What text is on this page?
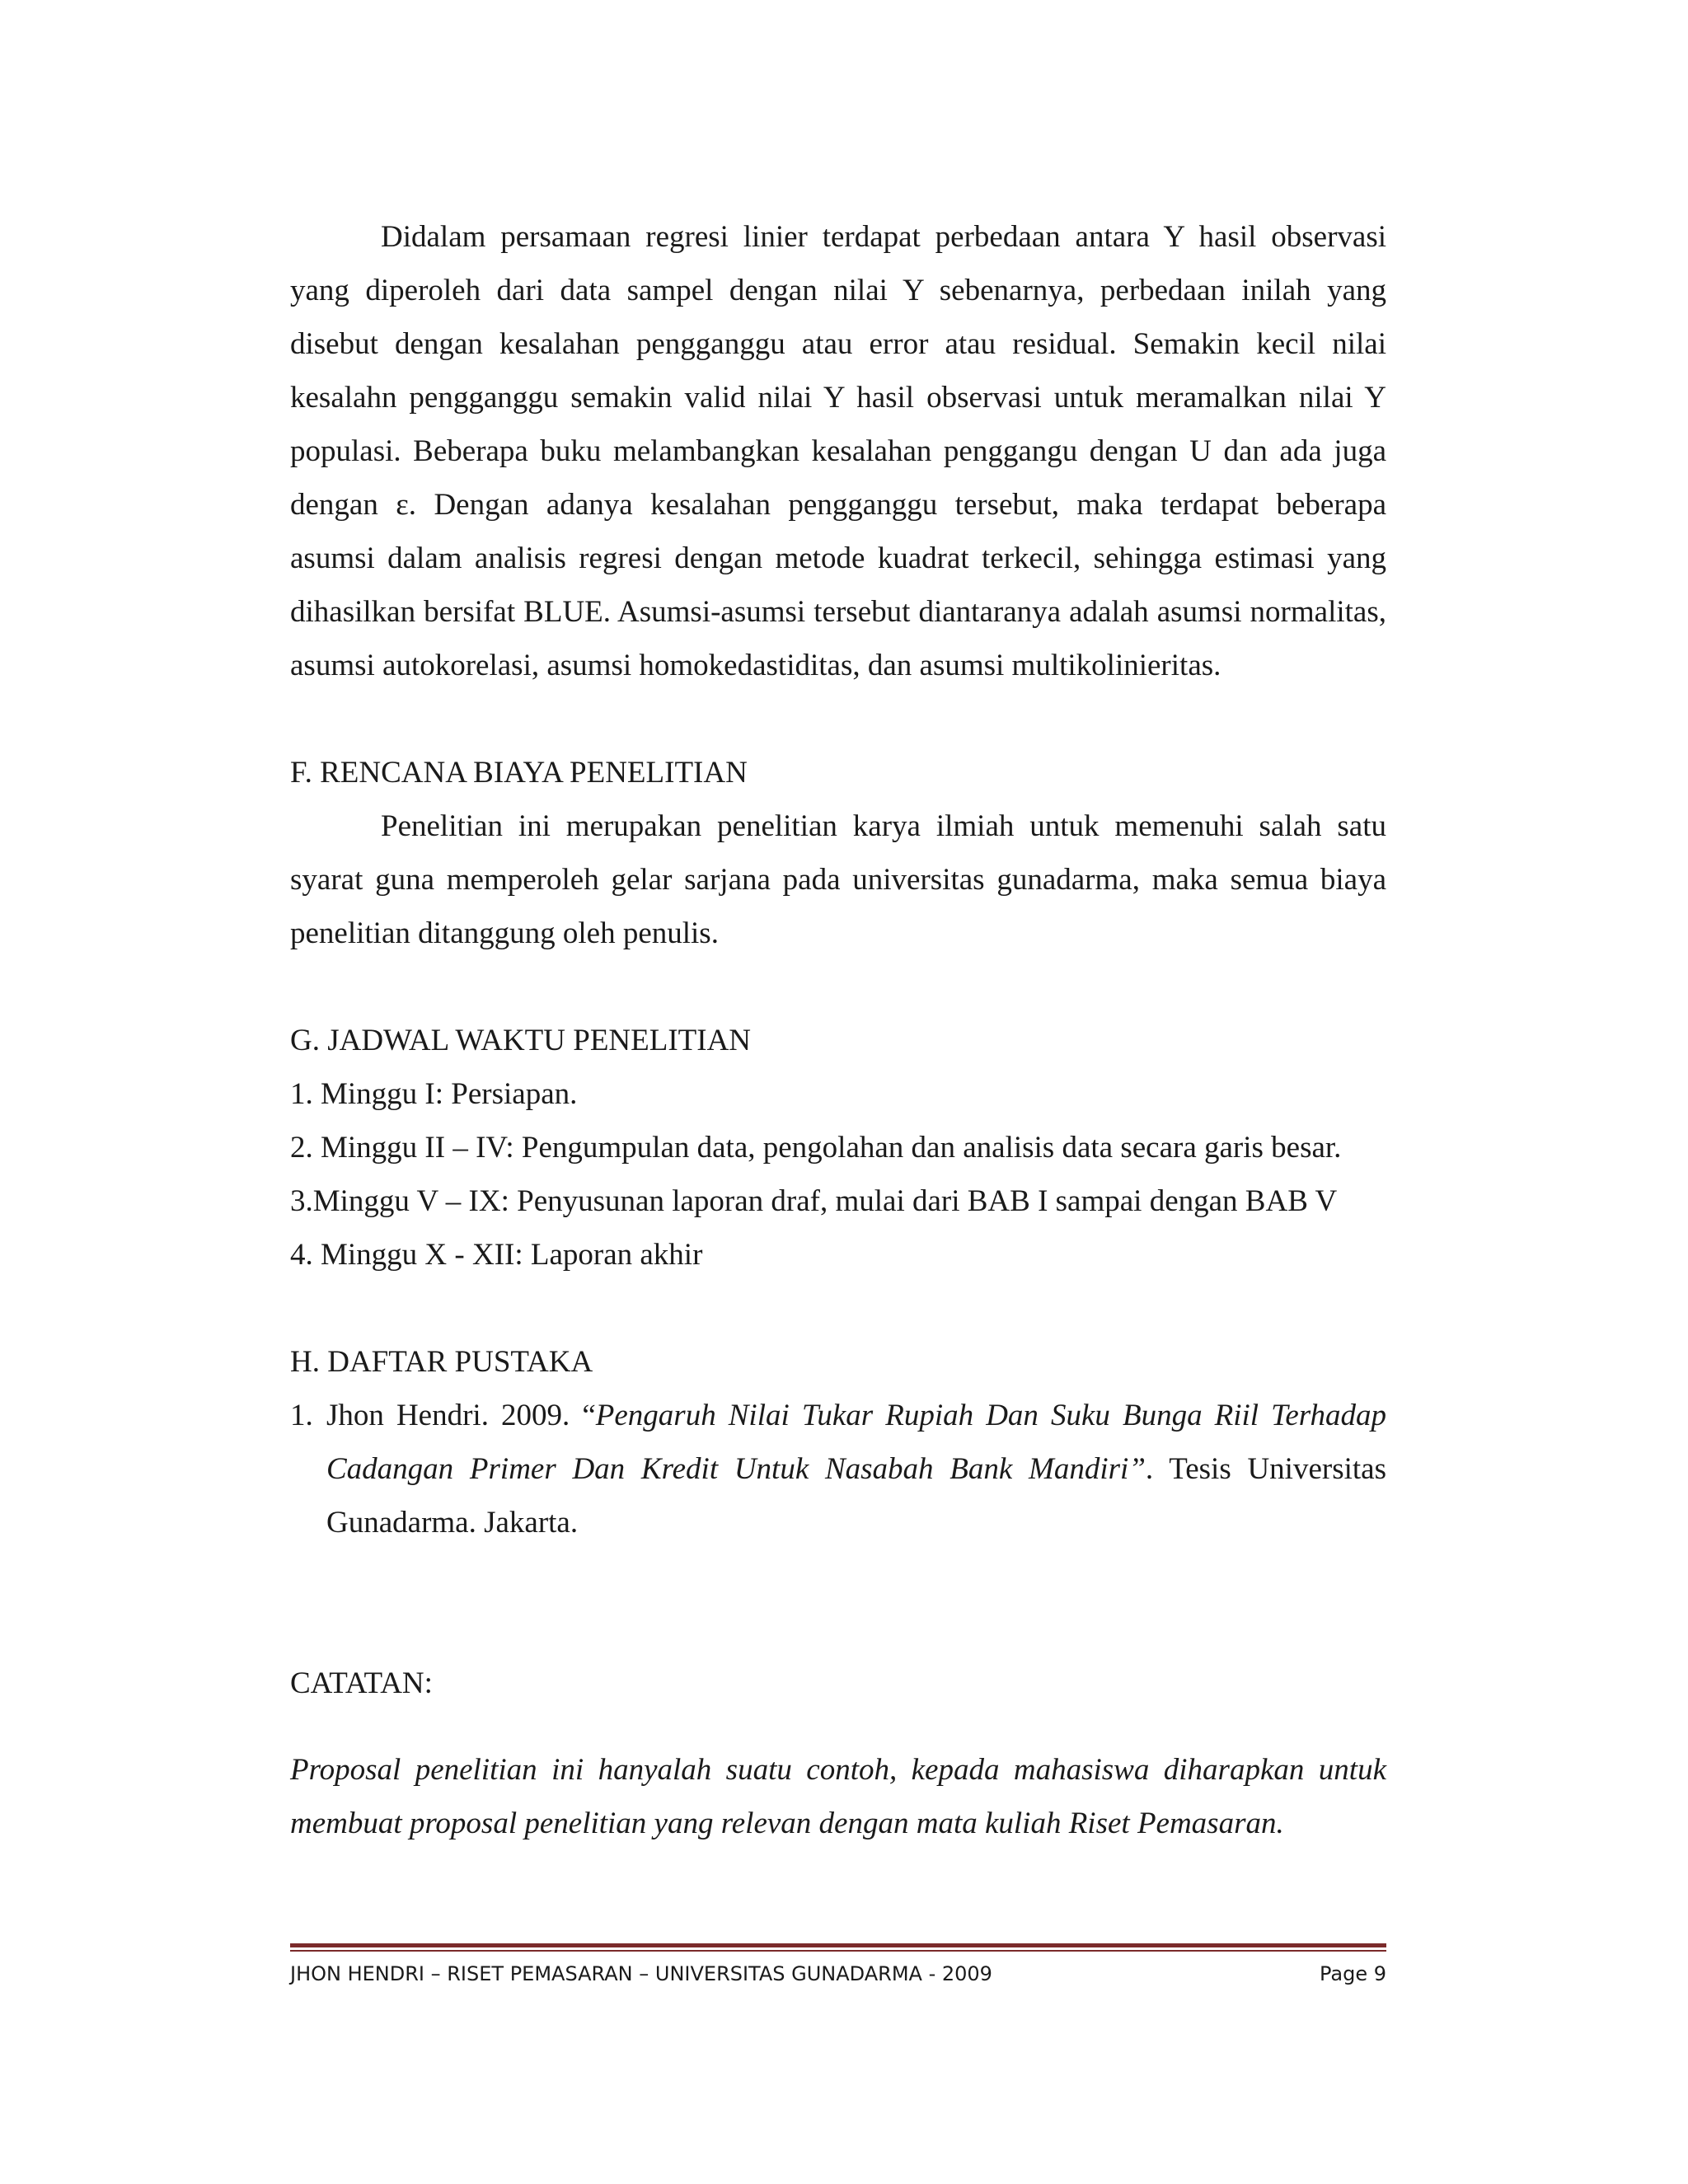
Didalam persamaan regresi linier terdapat perbedaan antara Y hasil observasi yang diperoleh dari data sampel dengan nilai Y sebenarnya, perbedaan inilah yang disebut dengan kesalahan pengganggu atau error atau residual. Semakin kecil nilai kesalahn pengganggu semakin valid nilai Y hasil observasi untuk meramalkan nilai Y populasi. Beberapa buku melambangkan kesalahan penggangu dengan U dan ada juga dengan ε. Dengan adanya kesalahan pengganggu tersebut, maka terdapat beberapa asumsi dalam analisis regresi dengan metode kuadrat terkecil, sehingga estimasi yang dihasilkan bersifat BLUE. Asumsi-asumsi tersebut diantaranya adalah asumsi normalitas, asumsi autokorelasi, asumsi homokedastiditas, dan asumsi multikolinieritas.

F. RENCANA BIAYA PENELITIAN

Penelitian ini merupakan penelitian karya ilmiah untuk memenuhi salah satu syarat guna memperoleh gelar sarjana pada universitas gunadarma, maka semua biaya penelitian ditanggung oleh penulis.

G. JADWAL WAKTU PENELITIAN

1. Minggu I: Persiapan.

2. Minggu II – IV: Pengumpulan data, pengolahan dan analisis data secara garis besar.

3.Minggu V – IX: Penyusunan laporan draf, mulai dari BAB I sampai dengan BAB V

4. Minggu X - XII: Laporan akhir

H. DAFTAR PUSTAKA

1. Jhon Hendri. 2009. “Pengaruh Nilai Tukar Rupiah Dan Suku Bunga Riil Terhadap Cadangan Primer Dan Kredit Untuk Nasabah Bank Mandiri”. Tesis Universitas Gunadarma. Jakarta.

CATATAN:

Proposal penelitian ini hanyalah suatu contoh, kepada mahasiswa diharapkan untuk membuat proposal penelitian yang relevan dengan mata kuliah Riset Pemasaran.

JHON HENDRI – RISET PEMASARAN – UNIVERSITAS GUNADARMA - 2009	Page 9
